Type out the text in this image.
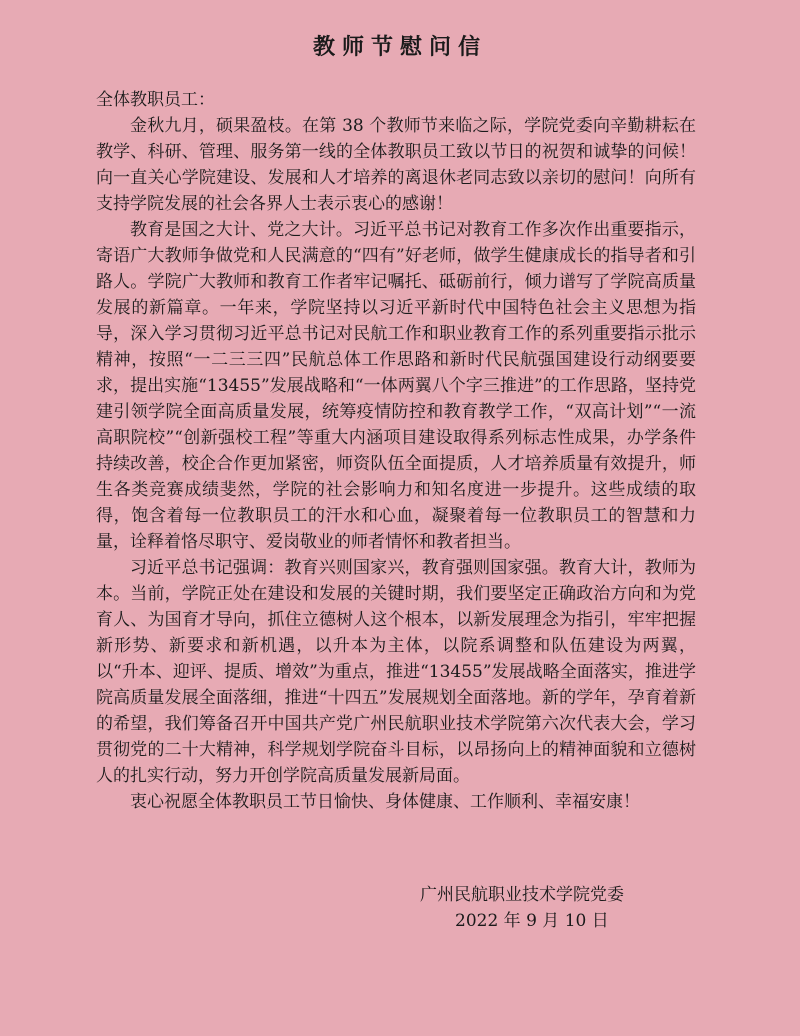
教师节慰问信
全体教职员工：

金秋九月，硕果盈枝。在第 38 个教师节来临之际，学院党委向辛勤耕耘在教学、科研、管理、服务第一线的全体教职员工致以节日的祝贺和诚挚的问候！向一直关心学院建设、发展和人才培养的离退休老同志致以亲切的慰问！向所有支持学院发展的社会各界人士表示衷心的感谢！

教育是国之大计、党之大计。习近平总书记对教育工作多次作出重要指示，寄语广大教师争做党和人民满意的“四有”好老师，做学生健康成长的指导者和引路人。学院广大教师和教育工作者牢记嘱托、砥砺前行，倾力谱写了学院高质量发展的新篇章。一年来，学院坚持以习近平新时代中国特色社会主义思想为指导，深入学习贯彻习近平总书记对民航工作和职业教育工作的系列重要指示批示精神，按照“一二三三四”民航总体工作思路和新时代民航强国建设行动纲要要求，提出实施“13455”发展战略和“一体两翼八个字三推进”的工作思路，坚持党建引领学院全面高质量发展，统筹疫情防控和教育教学工作，“双高计划”“一流高职院校”“创新强校工程”等重大内涵项目建设取得系列标志性成果，办学条件持续改善，校企合作更加紧密，师资队伍全面提质，人才培养质量有效提升，师生各类竞赛成绩斐然，学院的社会影响力和知名度进一步提升。这些成绩的取得，饱含着每一位教职员工的汗水和心血，凝聚着每一位教职员工的智慧和力量，诠释着恪尽职守、爱岗敬业的师者情怀和教者担当。

习近平总书记强调：教育兴则国家兴，教育强则国家强。教育大计，教师为本。当前，学院正处在建设和发展的关键时期，我们要坚定正确政治方向和为党育人、为国育才导向，抓住立德树人这个根本，以新发展理念为指引，牢牢把握新形势、新要求和新机遇，以升本为主体，以院系调整和队伍建设为两翼，以“升本、迎评、提质、增效”为重点，推进“13455”发展战略全面落实，推进学院高质量发展全面落细，推进“十四五”发展规划全面落地。新的学年，孕育着新的希望，我们筹备召开中国共产党广州民航职业技术学院第六次代表大会，学习贯彻党的二十大精神，科学规划学院奋斗目标，以昂扬向上的精神面貌和立德树人的扎实行动，努力开创学院高质量发展新局面。

衷心祝愿全体教职员工节日愉快、身体健康、工作顺利、幸福安康！

广州民航职业技术学院党委
2022 年 9 月 10 日
